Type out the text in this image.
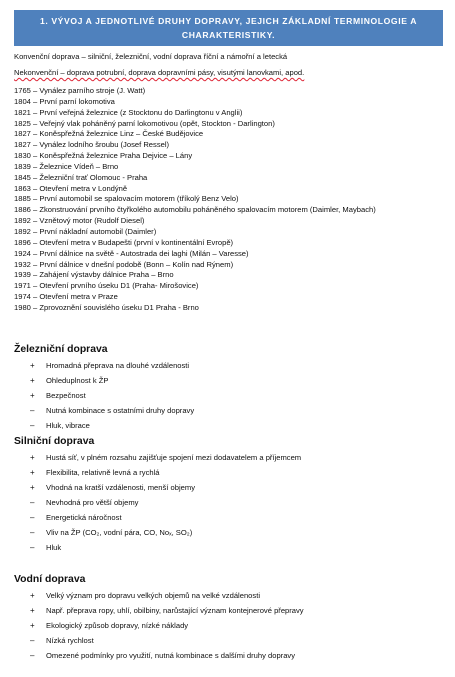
1. VÝVOJ A JEDNOTLIVÉ DRUHY DOPRAVY, JEJICH ZÁKLADNÍ TERMINOLOGIE A
CHARAKTERISTIKY.
Konvenční doprava – silniční, železniční, vodní doprava říční a námořní a letecká
Nekonvenční – doprava potrubní, doprava dopravními pásy, visutými lanovkami, apod.
1765 – Vynález parního stroje (J. Watt)
1804 – První parní lokomotiva
1821 – První veřejná železnice (z Stocktonu do Darlingtonu v Anglii)
1825 – Veřejný vlak poháněný parní lokomotivou (opět, Stockton - Darlington)
1827 – Koněspřežná železnice Linz – České Budějovice
1827 – Vynález lodního šroubu (Josef Ressel)
1830 – Koněspřežná železnice Praha Dejvice – Lány
1839 – Železnice Vídeň – Brno
1845 – Železniční trať Olomouc - Praha
1863 – Otevření metra v Londýně
1885 – První automobil se spalovacím motorem (tříkolý Benz Velo)
1886 – Zkonstruování prvního čtyřkolého automobilu poháněného spalovacím motorem (Daimler, Maybach)
1892 – Vznětový motor (Rudolf Diesel)
1892 – První nákladní automobil (Daimler)
1896 – Otevření metra v Budapešti (první v kontinentální Evropě)
1924 – První dálnice na světě - Autostrada dei laghi (Milán – Varesse)
1932 – První dálnice v dnešní podobě (Bonn – Kolín nad Rýnem)
1939 – Zahájení výstavby dálnice Praha – Brno
1971 – Otevření prvního úseku D1 (Praha- Mirošovice)
1974 – Otevření metra v Praze
1980 – Zprovoznění souvislého úseku D1 Praha - Brno
Železniční doprava
+	Hromadná přeprava na dlouhé vzdálenosti
+	Ohleduplnost k ŽP
+	Bezpečnost
–	Nutná kombinace s ostatními druhy dopravy
–	Hluk, vibrace
Silniční doprava
+	Hustá síť, v plném rozsahu zajišťuje spojení mezi dodavatelem a příjemcem
+	Flexibilita, relativně levná a rychlá
+	Vhodná na kratší vzdálenosti, menší objemy
–	Nevhodná pro větší objemy
–	Energetická náročnost
–	Vliv na ŽP (CO₂, vodní pára, CO, Noₓ, SO₂)
–	Hluk
Vodní doprava
+	Velký význam pro dopravu velkých objemů na velké vzdálenosti
+	Např. přeprava ropy, uhlí, obilbiny, narůstající význam kontejnerové přepravy
+	Ekologický způsob dopravy, nízké náklady
–	Nízká rychlost
–	Omezené podmínky pro využití, nutná kombinace s dalšími druhy dopravy
